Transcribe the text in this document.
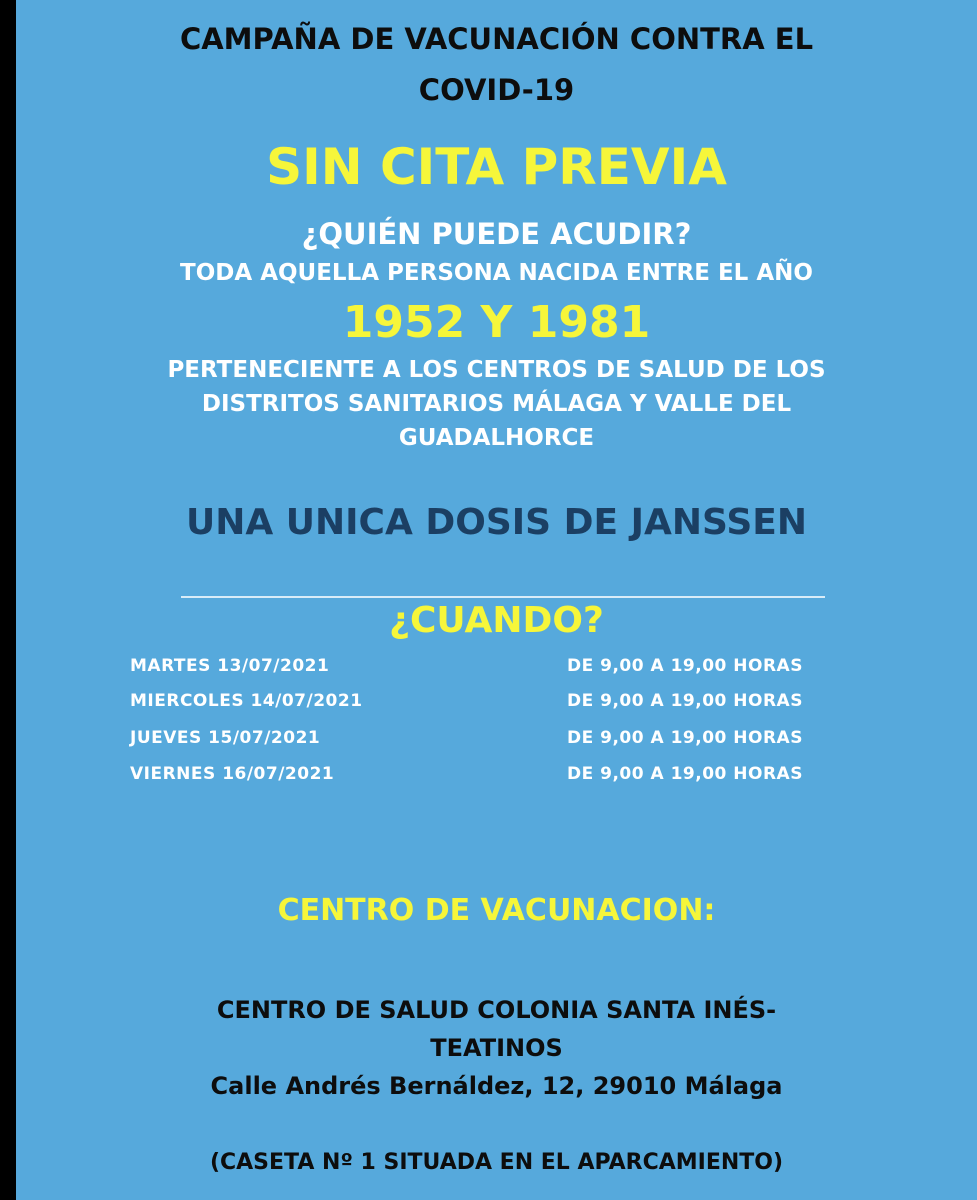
CAMPAÑA DE VACUNACIÓN CONTRA EL
COVID-19
SIN CITA PREVIA
¿QUIÉN PUEDE ACUDIR?
TODA AQUELLA PERSONA NACIDA ENTRE EL AÑO
1952 Y 1981
PERTENECIENTE A LOS CENTROS DE SALUD DE LOS
DISTRITOS SANITARIOS MÁLAGA Y VALLE DEL
GUADALHORCE
UNA UNICA DOSIS DE JANSSEN
¿CUANDO?
MARTES 13/07/2021	DE 9,00 A 19,00 HORAS
MIERCOLES 14/07/2021	DE 9,00 A 19,00 HORAS
JUEVES 15/07/2021	DE 9,00 A 19,00 HORAS
VIERNES 16/07/2021	DE 9,00 A 19,00 HORAS
CENTRO DE VACUNACION:
CENTRO DE SALUD COLONIA SANTA INÉS-
TEATINOS
Calle Andrés Bernáldez, 12, 29010 Málaga
(CASETA Nº 1 SITUADA EN EL APARCAMIENTO)
